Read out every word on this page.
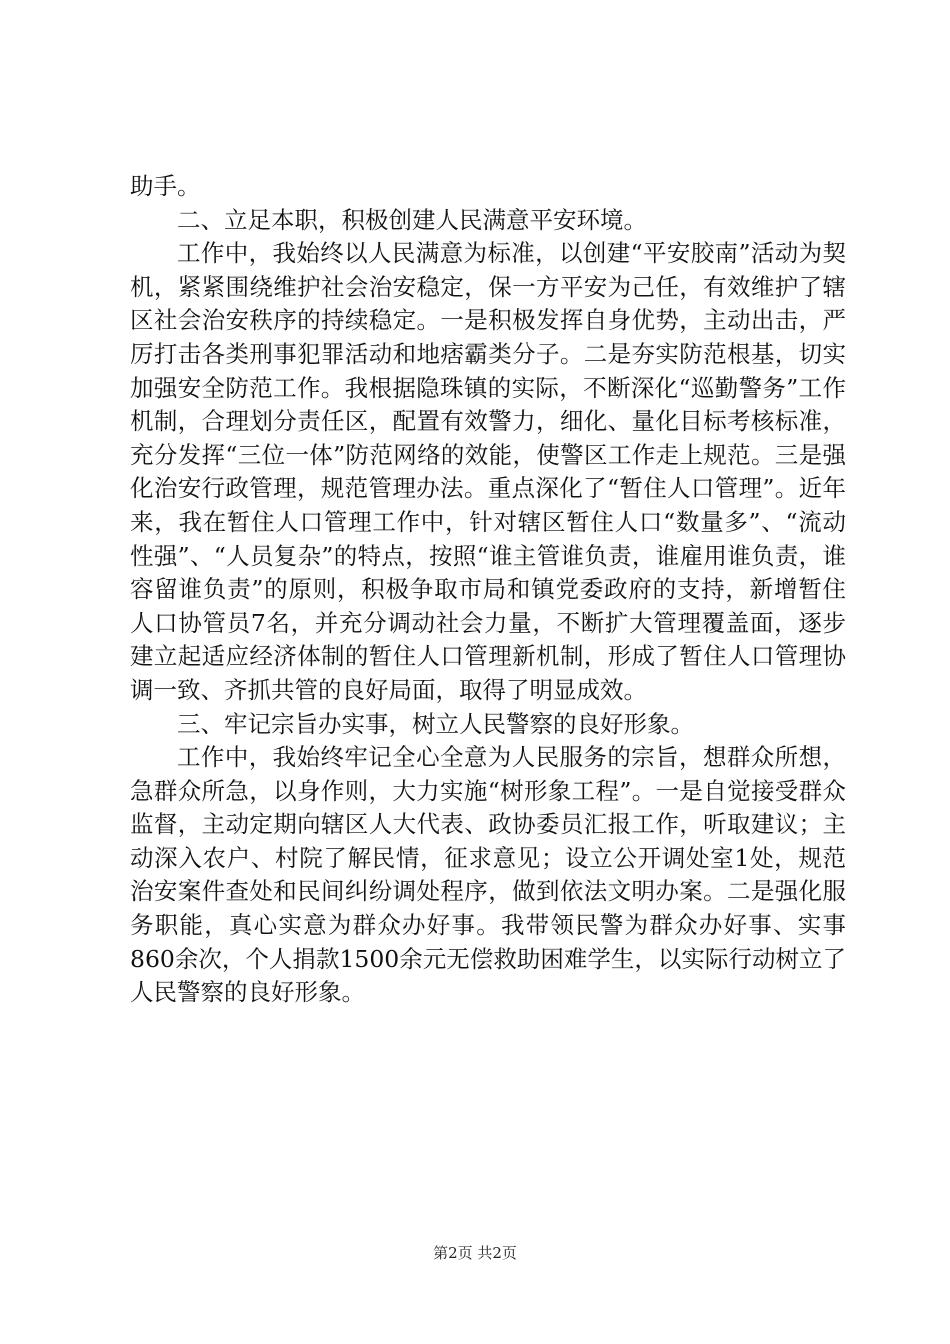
助手。

二、立足本职，积极创建人民满意平安环境。

工作中，我始终以人民满意为标准，以创建“平安胶南”活动为契机，紧紧围绕维护社会治安稳定，保一方平安为己任，有效维护了辖区社会治安秩序的持续稳定。一是积极发挥自身优势，主动出击，严厉打击各类刑事犯罪活动和地痞霸类分子。二是夯实防范根基，切实加强安全防范工作。我根据隐珠镇的实际，不断深化“巡勤警务”工作机制，合理划分责任区，配置有效警力，细化、量化目标考核标准，充分发挥“三位一体”防范网络的效能，使警区工作走上规范。三是强化治安行政管理，规范管理办法。重点深化了“暂住人口管理”。近年来，我在暂住人口管理工作中，针对辖区暂住人口“数量多”、“流动性强”、“人员复杂”的特点，按照“谁主管谁负责，谁雇用谁负责，谁容留谁负责”的原则，积极争取市局和镇党委政府的支持，新增暂住人口协管员7名，并充分调动社会力量，不断扩大管理覆盖面，逐步建立起适应经济体制的暂住人口管理新机制，形成了暂住人口管理协调一致、齐抓共管的良好局面，取得了明显成效。

三、牢记宗旨办实事，树立人民警察的良好形象。

工作中，我始终牢记全心全意为人民服务的宗旨，想群众所想，急群众所急，以身作则，大力实施“树形象工程”。一是自觉接受群众监督，主动定期向辖区人大代表、政协委员汇报工作，听取建议；主动深入农户、村院了解民情，征求意见；设立公开调处室1处，规范治安案件查处和民间纠纷调处程序，做到依法文明办案。二是强化服务职能，真心实意为群众办好事。我带领民警为群众办好事、实事860余次，个人捐款1500余元无偿救助困难学生，以实际行动树立了人民警察的良好形象。

第2页 共2页
